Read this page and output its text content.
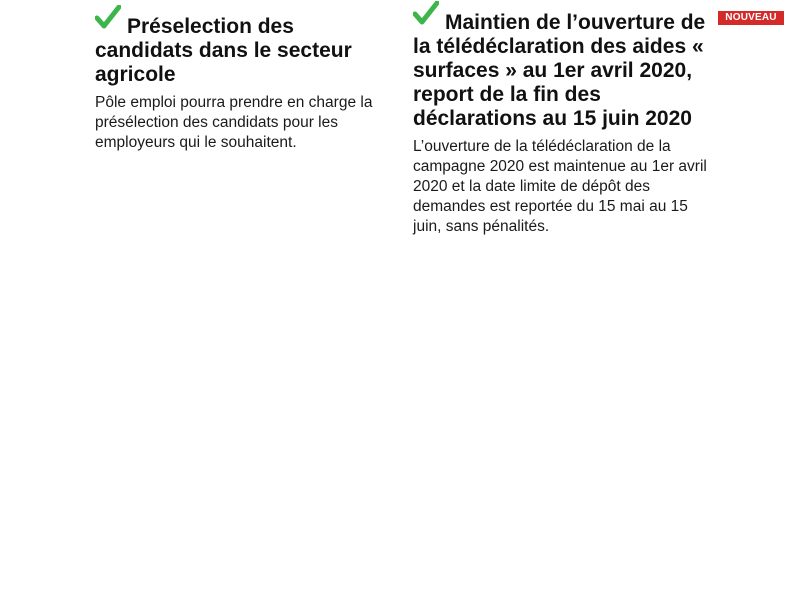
Préselection des candidats dans le secteur agricole

Pôle emploi pourra prendre en charge la présélection des candidats pour les employeurs qui le souhaitent.

Maintien de l’ouverture de la télédéclaration des aides « surfaces » au 1er avril 2020, report de la fin des déclarations au 15 juin 2020

L’ouverture de la télédéclaration de la campagne 2020 est maintenue au 1er avril 2020 et la date limite de dépôt des demandes est reportée du 15 mai au 15 juin, sans pénalités.

NOUVEAU
